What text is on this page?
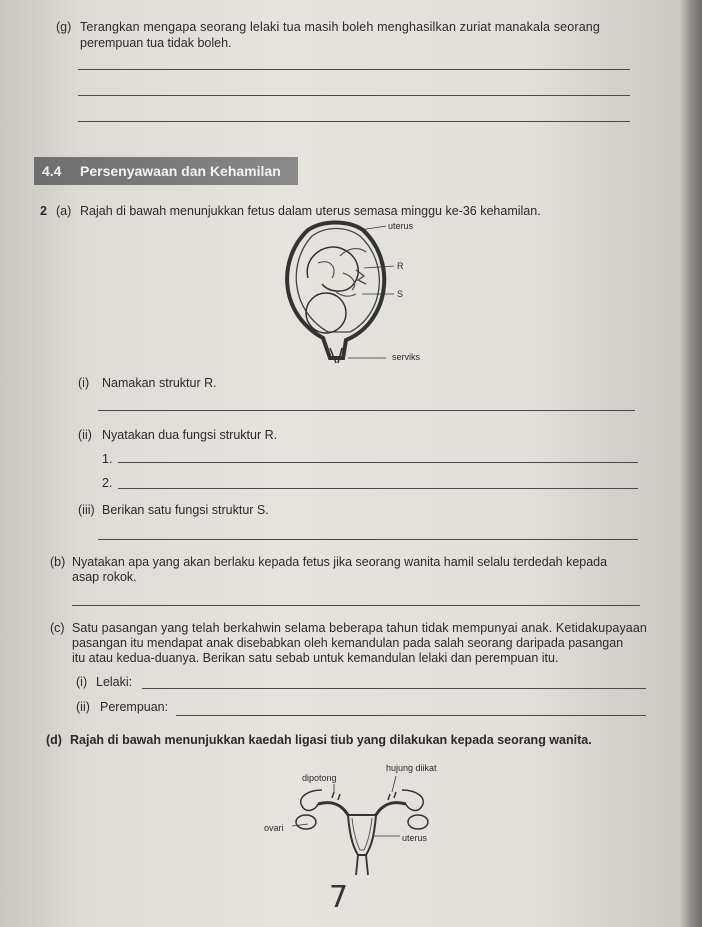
(g) Terangkan mengapa seorang lelaki tua masih boleh menghasilkan zuriat manakala seorang
perempuan tua tidak boleh.
4.4 Persenyawaan dan Kehamilan
2 (a) Rajah di bawah menunjukkan fetus dalam uterus semasa minggu ke-36 kehamilan.
uterus
R
S
serviks
(i) Namakan struktur R.
(ii) Nyatakan dua fungsi struktur R.
1.
2.
(iii) Berikan satu fungsi struktur S.
(b) Nyatakan apa yang akan berlaku kepada fetus jika seorang wanita hamil selalu terdedah kepada
asap rokok.
(c) Satu pasangan yang telah berkahwin selama beberapa tahun tidak mempunyai anak. Ketidakupayaan
pasangan itu mendapat anak disebabkan oleh kemandulan pada salah seorang daripada pasangan
itu atau kedua-duanya. Berikan satu sebab untuk kemandulan lelaki dan perempuan itu.
(i) Lelaki:
(ii) Perempuan:
(d) Rajah di bawah menunjukkan kaedah ligasi tiub yang dilakukan kepada seorang wanita.
hujung diikat
dipotong
ovari
uterus
7
